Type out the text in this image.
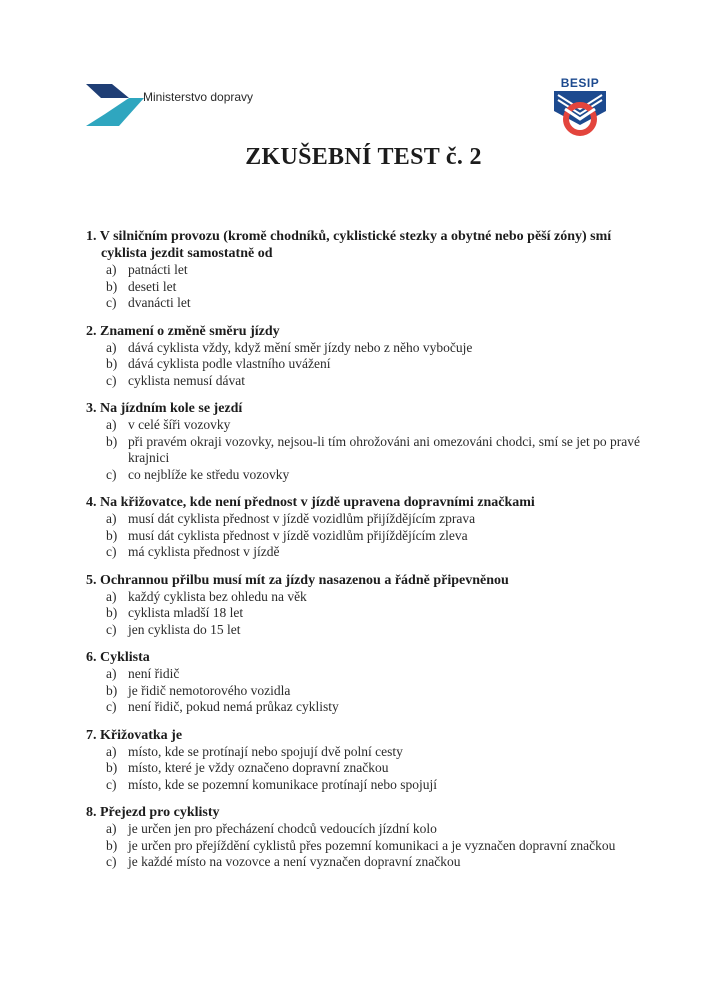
Ministerstvo dopravy
BESIP
ZKUŠEBNÍ TEST č. 2
1. V silničním provozu (kromě chodníků, cyklistické stezky a obytné nebo pěší zóny) smí
cyklista jezdit samostatně od
a) patnácti let
b) deseti let
c) dvanácti let
2. Znamení o změně směru jízdy
a) dává cyklista vždy, když mění směr jízdy nebo z něho vybočuje
b) dává cyklista podle vlastního uvážení
c) cyklista nemusí dávat
3. Na jízdním kole se jezdí
a) v celé šíři vozovky
b) při pravém okraji vozovky, nejsou-li tím ohrožováni ani omezováni chodci, smí se jet po pravé krajnici
c) co nejblíže ke středu vozovky
4. Na křižovatce, kde není přednost v jízdě upravena dopravními značkami
a) musí dát cyklista přednost v jízdě vozidlům přijíždějícím zprava
b) musí dát cyklista přednost v jízdě vozidlům přijíždějícím zleva
c) má cyklista přednost v jízdě
5. Ochrannou přilbu musí mít za jízdy nasazenou a řádně připevněnou
a) každý cyklista bez ohledu na věk
b) cyklista mladší 18 let
c) jen cyklista do 15 let
6. Cyklista
a) není řidič
b) je řidič nemotorového vozidla
c) není řidič, pokud nemá průkaz cyklisty
7. Křižovatka je
a) místo, kde se protínají nebo spojují dvě polní cesty
b) místo, které je vždy označeno dopravní značkou
c) místo, kde se pozemní komunikace protínají nebo spojují
8. Přejezd pro cyklisty
a) je určen jen pro přecházení chodců vedoucích jízdní kolo
b) je určen pro přejíždění cyklistů přes pozemní komunikaci a je vyznačen dopravní značkou
c) je každé místo na vozovce a není vyznačen dopravní značkou
